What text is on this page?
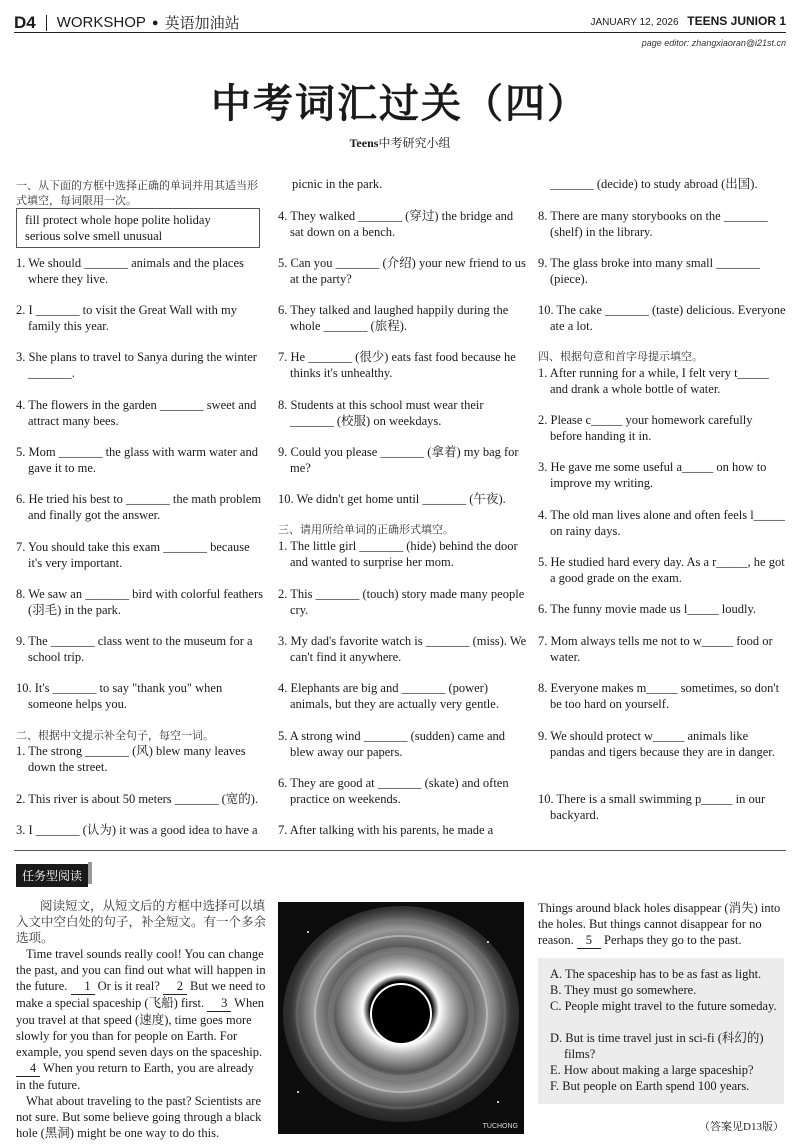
D4 WORKSHOP ● 英语加油站	JANUARY 12, 2026 TEENS JUNIOR 1
page editor: zhangxiaoran@i21st.cn
中考词汇过关（四）
Teens中考研究小组
一、从下面的方框中选择正确的单词并用其适当形式填空，每词限用一次。
fill protect whole hope polite holiday
serious solve smell unusual
1. We should _______ animals and the places where they live.
2. I _______ to visit the Great Wall with my family this year.
3. She plans to travel to Sanya during the winter _______.
4. The flowers in the garden _______ sweet and attract many bees.
5. Mom _______ the glass with warm water and gave it to me.
6. He tried his best to _______ the math problem and finally got the answer.
7. You should take this exam _______ because it's very important.
8. We saw an _______ bird with colorful feathers (羽毛) in the park.
9. The _______ class went to the museum for a school trip.
10. It's _______ to say "thank you" when someone helps you.
二、根据中文提示补全句子，每空一词。
1. The strong _______ (风) blew many leaves down the street.
2. This river is about 50 meters _______ (宽的).
3. I _______ (认为) it was a good idea to have a
picnic in the park.
4. They walked _______ (穿过) the bridge and sat down on a bench.
5. Can you _______ (介绍) your new friend to us at the party?
6. They talked and laughed happily during the whole _______ (旅程).
7. He _______ (很少) eats fast food because he thinks it's unhealthy.
8. Students at this school must wear their _______ (校服) on weekdays.
9. Could you please _______ (拿着) my bag for me?
10. We didn't get home until _______ (午夜).
三、请用所给单词的正确形式填空。
1. The little girl _______ (hide) behind the door and wanted to surprise her mom.
2. This _______ (touch) story made many people cry.
3. My dad's favorite watch is _______ (miss). We can't find it anywhere.
4. Elephants are big and _______ (power) animals, but they are actually very gentle.
5. A strong wind _______ (sudden) came and blew away our papers.
6. They are good at _______ (skate) and often practice on weekends.
7. After talking with his parents, he made a
_______ (decide) to study abroad (出国).
8. There are many storybooks on the _______ (shelf) in the library.
9. The glass broke into many small _______ (piece).
10. The cake _______ (taste) delicious. Everyone ate a lot.
四、根据句意和首字母提示填空。
1. After running for a while, I felt very t_____ and drank a whole bottle of water.
2. Please c_____ your homework carefully before handing it in.
3. He gave me some useful a_____ on how to improve my writing.
4. The old man lives alone and often feels l_____ on rainy days.
5. He studied hard every day. As a r_____, he got a good grade on the exam.
6. The funny movie made us l_____ loudly.
7. Mom always tells me not to w_____ food or water.
8. Everyone makes m_____ sometimes, so don't be too hard on yourself.
9. We should protect w_____ animals like pandas and tigers because they are in danger.
10. There is a small swimming p_____ in our backyard.
任务型阅读
阅读短文，从短文后的方框中选择可以填入文中空白处的句子，补全短文。有一个多余选项。
Time travel sounds really cool! You can change the past, and you can find out what will happen in the future. 1 Or is it real? 2 But we need to make a special spaceship (飞船) first. 3 When you travel at that speed (速度), time goes more slowly for you than for people on Earth. For example, you spend seven days on the spaceship. 4 When you return to Earth, you are already in the future.
What about traveling to the past? Scientists are not sure. But some believe going through a black hole (黑洞) might be one way to do this.	TUCHONG
Things around black holes disappear (消失) into the holes. But things cannot disappear for no reason. 5 Perhaps they go to the past.
A. The spaceship has to be as fast as light.
B. They must go somewhere.
C. People might travel to the future someday.
D. But is time travel just in sci-fi (科幻的) films?
E. How about making a large spaceship?
F. But people on Earth spend 100 years.
（答案见D13版）
